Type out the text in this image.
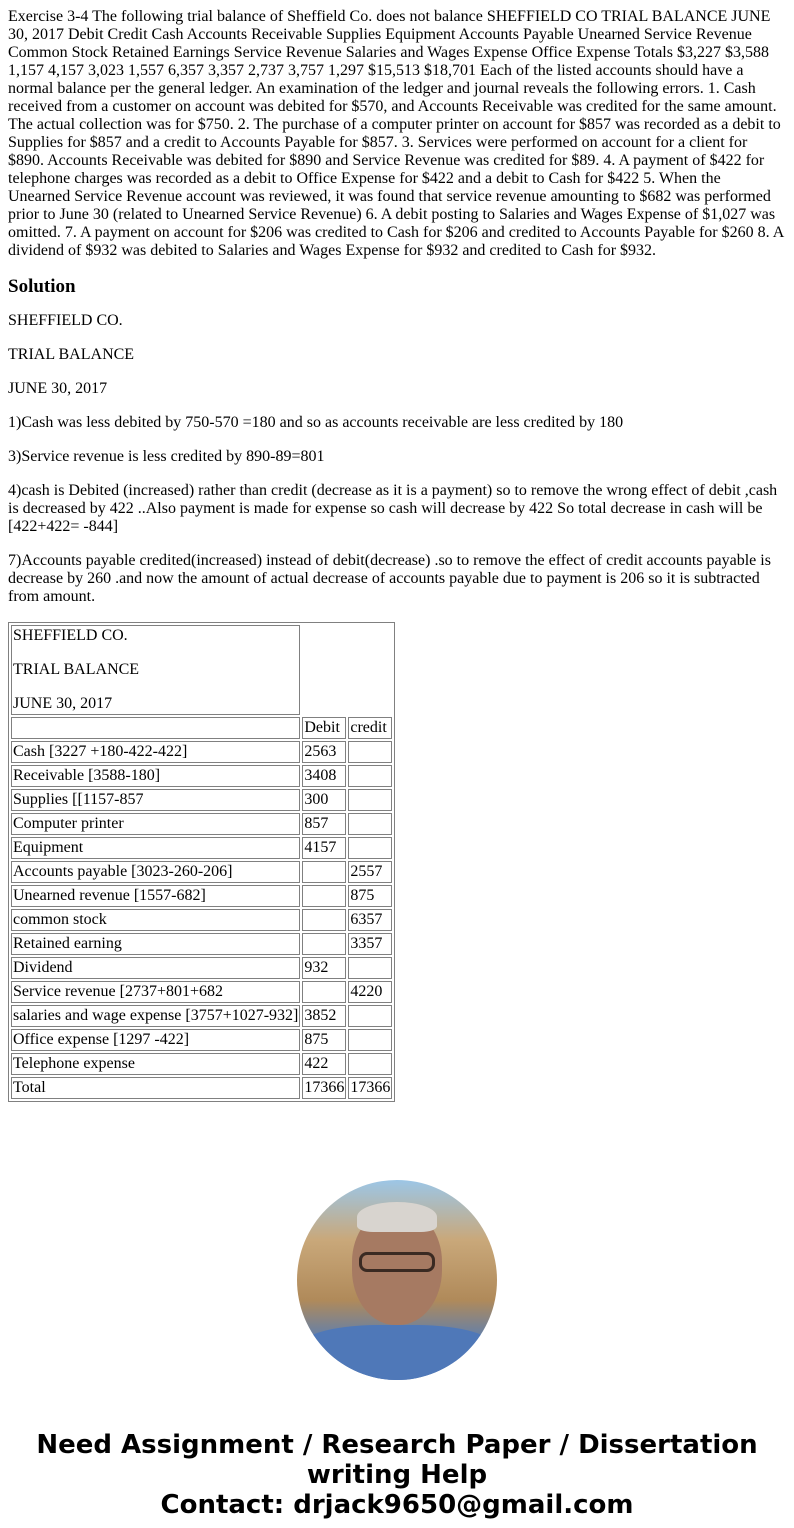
Exercise 3-4 The following trial balance of Sheffield Co. does not balance SHEFFIELD CO TRIAL BALANCE JUNE 30, 2017 Debit Credit Cash Accounts Receivable Supplies Equipment Accounts Payable Unearned Service Revenue Common Stock Retained Earnings Service Revenue Salaries and Wages Expense Office Expense Totals $3,227 $3,588 1,157 4,157 3,023 1,557 6,357 3,357 2,737 3,757 1,297 $15,513 $18,701 Each of the listed accounts should have a normal balance per the general ledger. An examination of the ledger and journal reveals the following errors. 1. Cash received from a customer on account was debited for $570, and Accounts Receivable was credited for the same amount. The actual collection was for $750. 2. The purchase of a computer printer on account for $857 was recorded as a debit to Supplies for $857 and a credit to Accounts Payable for $857. 3. Services were performed on account for a client for $890. Accounts Receivable was debited for $890 and Service Revenue was credited for $89. 4. A payment of $422 for telephone charges was recorded as a debit to Office Expense for $422 and a debit to Cash for $422 5. When the Unearned Service Revenue account was reviewed, it was found that service revenue amounting to $682 was performed prior to June 30 (related to Unearned Service Revenue) 6. A debit posting to Salaries and Wages Expense of $1,027 was omitted. 7. A payment on account for $206 was credited to Cash for $206 and credited to Accounts Payable for $260 8. A dividend of $932 was debited to Salaries and Wages Expense for $932 and credited to Cash for $932.

Solution

SHEFFIELD CO.

TRIAL BALANCE

JUNE 30, 2017

1)Cash was less debited by 750-570 =180 and so as accounts receivable are less credited by 180

3)Service revenue is less credited by 890-89=801

4)cash is Debited (increased) rather than credit (decrease as it is a payment) so to remove the wrong effect of debit ,cash is decreased by 422 ..Also payment is made for expense so cash will decrease by 422 So total decrease in cash will be [422+422= -844]

7)Accounts payable credited(increased) instead of debit(decrease) .so to remove the effect of credit accounts payable is decrease by 260 .and now the amount of actual decrease of accounts payable due to payment is 206 so it is subtracted from amount.

SHEFFIELD CO.

TRIAL BALANCE

JUNE 30, 2017		

	Debit	credit
Cash [3227 +180-422-422]	2563	
Receivable [3588-180]	3408	
Supplies [[1157-857	300	
Computer printer	857	
Equipment	4157	
Accounts payable [3023-260-206]		2557
Unearned revenue [1557-682]		875
common stock		6357
Retained earning		3357
Dividend	932	
Service revenue [2737+801+682		4220
salaries and wage expense [3757+1027-932]	3852	
Office expense [1297 -422]	875	
Telephone expense	422	
Total	17366	17366
Need Assignment / Research Paper / Dissertation writing Help
Contact: drjack9650@gmail.com
